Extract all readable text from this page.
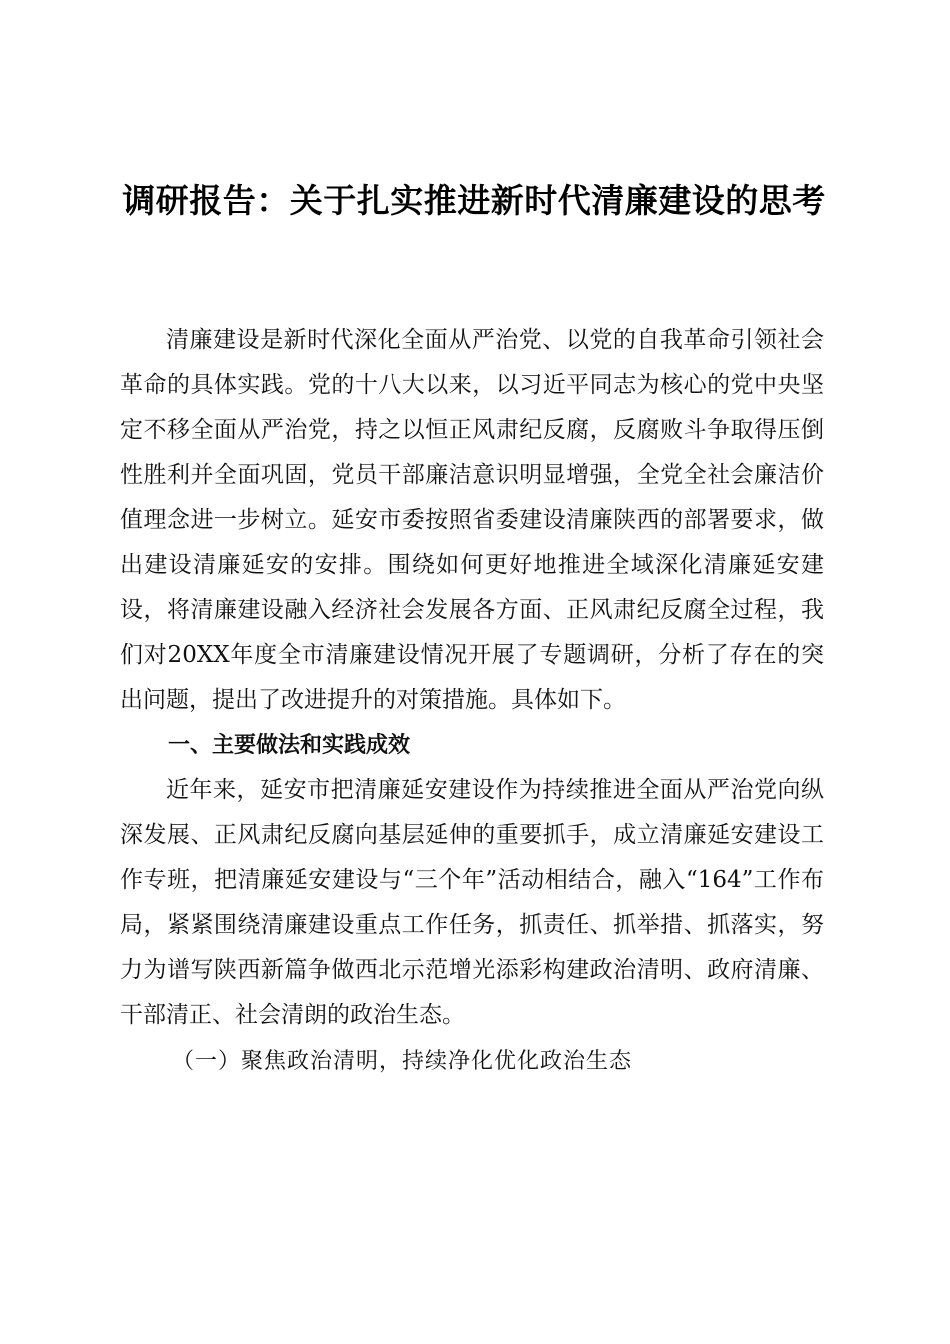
调研报告：关于扎实推进新时代清廉建设的思考

清廉建设是新时代深化全面从严治党、以党的自我革命引领社会革命的具体实践。党的十八大以来，以习近平同志为核心的党中央坚定不移全面从严治党，持之以恒正风肃纪反腐，反腐败斗争取得压倒性胜利并全面巩固，党员干部廉洁意识明显增强，全党全社会廉洁价值理念进一步树立。延安市委按照省委建设清廉陕西的部署要求，做出建设清廉延安的安排。围绕如何更好地推进全域深化清廉延安建设，将清廉建设融入经济社会发展各方面、正风肃纪反腐全过程，我们对20XX年度全市清廉建设情况开展了专题调研，分析了存在的突出问题，提出了改进提升的对策措施。具体如下。

一、主要做法和实践成效

近年来，延安市把清廉延安建设作为持续推进全面从严治党向纵深发展、正风肃纪反腐向基层延伸的重要抓手，成立清廉延安建设工作专班，把清廉延安建设与“三个年”活动相结合，融入“164”工作布局，紧紧围绕清廉建设重点工作任务，抓责任、抓举措、抓落实，努力为谱写陕西新篇争做西北示范增光添彩构建政治清明、政府清廉、干部清正、社会清朗的政治生态。

（一）聚焦政治清明，持续净化优化政治生态
